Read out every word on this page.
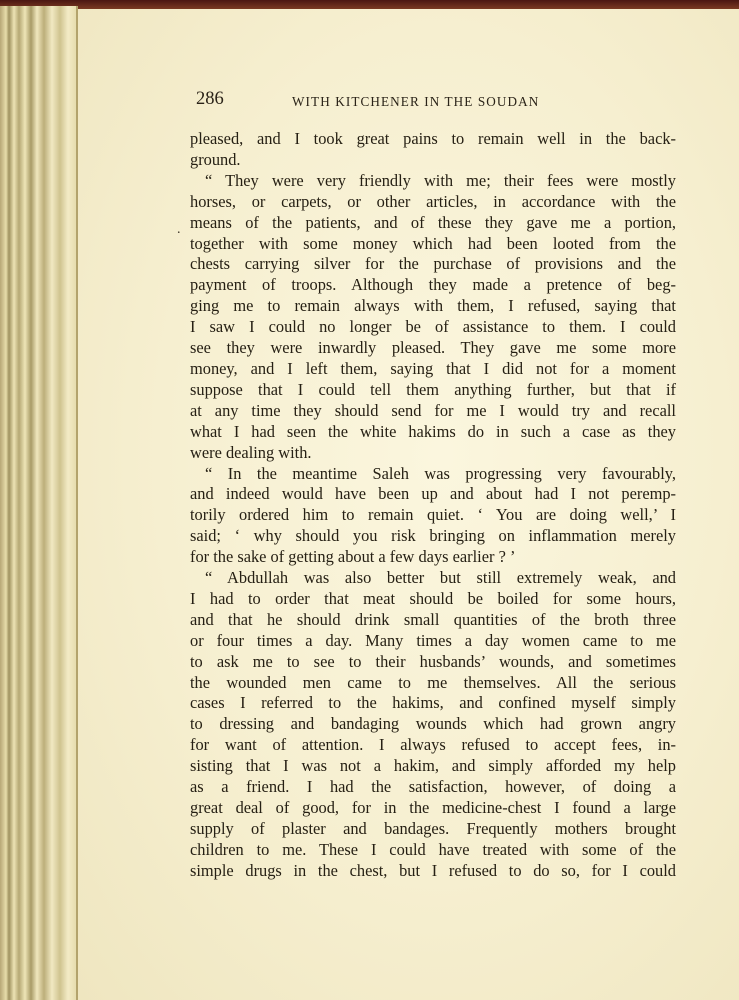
286	WITH KITCHENER IN THE SOUDAN
.
pleased, and I took great pains to remain well in the back-
ground.
“ They were very friendly with me; their fees were mostly
horses, or carpets, or other articles, in accordance with the
means of the patients, and of these they gave me a portion,
together with some money which had been looted from the
chests carrying silver for the purchase of provisions and the
payment of troops. Although they made a pretence of beg-
ging me to remain always with them, I refused, saying that
I saw I could no longer be of assistance to them. I could
see they were inwardly pleased. They gave me some more
money, and I left them, saying that I did not for a moment
suppose that I could tell them anything further, but that if
at any time they should send for me I would try and recall
what I had seen the white hakims do in such a case as they
were dealing with.
“ In the meantime Saleh was progressing very favourably,
and indeed would have been up and about had I not peremp-
torily ordered him to remain quiet. ‘ You are doing well,’ I
said; ‘ why should you risk bringing on inflammation merely
for the sake of getting about a few days earlier ? ’
“ Abdullah was also better but still extremely weak, and
I had to order that meat should be boiled for some hours,
and that he should drink small quantities of the broth three
or four times a day. Many times a day women came to me
to ask me to see to their husbands’ wounds, and sometimes
the wounded men came to me themselves. All the serious
cases I referred to the hakims, and confined myself simply
to dressing and bandaging wounds which had grown angry
for want of attention. I always refused to accept fees, in-
sisting that I was not a hakim, and simply afforded my help
as a friend. I had the satisfaction, however, of doing a
great deal of good, for in the medicine-chest I found a large
supply of plaster and bandages. Frequently mothers brought
children to me. These I could have treated with some of the
simple drugs in the chest, but I refused to do so, for I could
